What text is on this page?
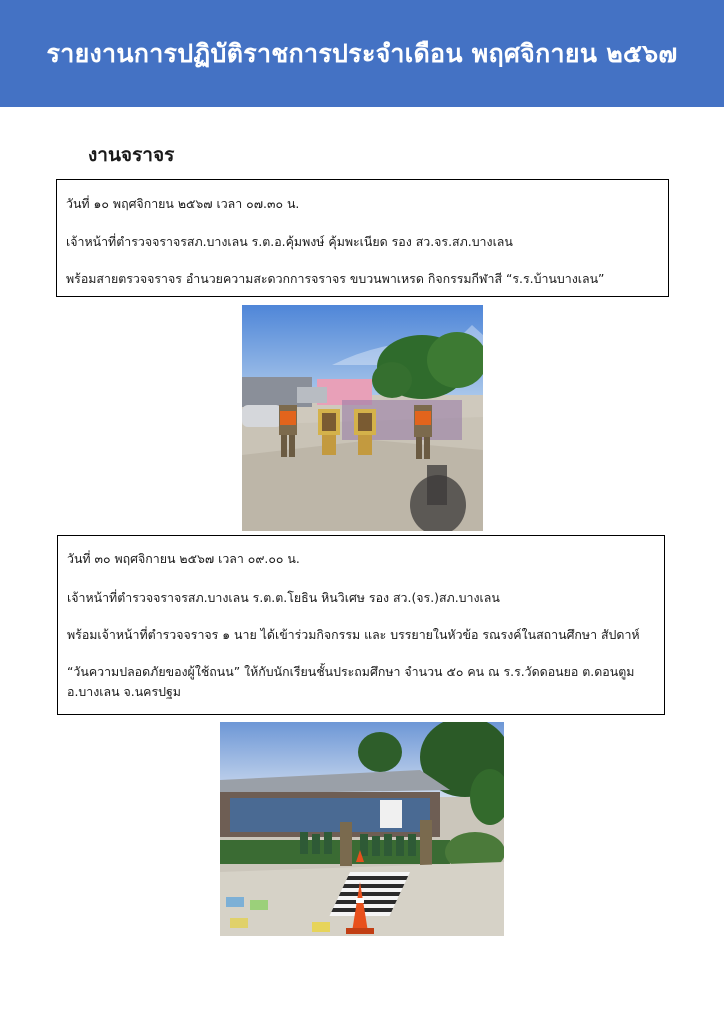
รายงานการปฏิบัติราชการประจำเดือน พฤศจิกายน ๒๕๖๗
งานจราจร

วันที่ ๑๐ พฤศจิกายน ๒๕๖๗ เวลา ๐๗.๓๐ น.

เจ้าหน้าที่ตำรวจจราจรสภ.บางเลน ร.ต.อ.คุ้มพงษ์ คุ้มพะเนียด รอง สว.จร.สภ.บางเลน

พร้อมสายตรวจจราจร อำนวยความสะดวกการจราจร ขบวนพาเหรด กิจกรรมกีฬาสี “ร.ร.บ้านบางเลน”

วันที่ ๓๐ พฤศจิกายน ๒๕๖๗ เวลา ๐๙.๐๐ น.

เจ้าหน้าที่ตำรวจจราจรสภ.บางเลน ร.ต.ต.โยธิน หินวิเศษ รอง สว.(จร.)สภ.บางเลน

พร้อมเจ้าหน้าที่ตำรวจจราจร ๑ นาย ได้เข้าร่วมกิจกรรม และ บรรยายในหัวข้อ รณรงค์ในสถานศึกษา สัปดาห์

“วันความปลอดภัยของผู้ใช้ถนน” ให้กับนักเรียนชั้นประถมศึกษา จำนวน ๕๐ คน ณ ร.ร.วัดดอนยอ ต.ดอนตูม อ.บางเลน จ.นครปฐม
